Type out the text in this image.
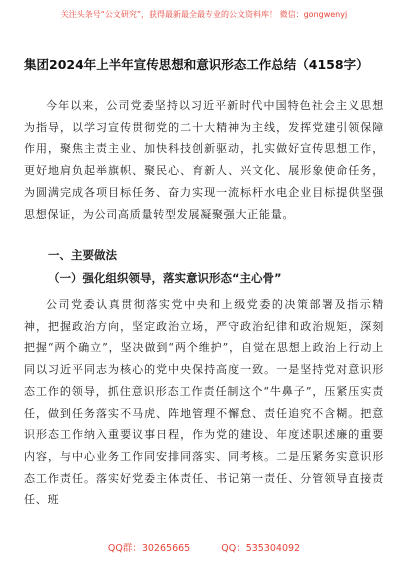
关注头条号“公文研究”，获得最新最全最专业的公文资料库！ 微信：gongwenyj
集团2024年上半年宣传思想和意识形态工作总结（4158字）

今年以来，公司党委坚持以习近平新时代中国特色社会主义思想为指导，以学习宣传贯彻党的二十大精神为主线，发挥党建引领保障作用，聚焦主责主业、加快科技创新驱动，扎实做好宣传思想工作，更好地肩负起举旗帜、聚民心、育新人、兴文化、展形象使命任务，为圆满完成各项目标任务、奋力实现一流标杆水电企业目标提供坚强思想保证，为公司高质量转型发展凝聚强大正能量。

一、主要做法
（一）强化组织领导，落实意识形态“主心骨”

公司党委认真贯彻落实党中央和上级党委的决策部署及指示精神，把握政治方向，坚定政治立场，严守政治纪律和政治规矩，深刻把握“两个确立”，坚决做到“两个维护”，自觉在思想上政治上行动上同以习近平同志为核心的党中央保持高度一致。一是坚持党对意识形态工作的领导，抓住意识形态工作责任制这个“牛鼻子”，压紧压实责任，做到任务落实不马虎、阵地管理不懈怠、责任追究不含糊。把意识形态工作纳入重要议事日程，作为党的建设、年度述职述廉的重要内容，与中心业务工作同安排同落实、同考核。二是压紧务实意识形态工作责任。落实好党委主体责任、书记第一责任、分管领导直接责任、班

QQ群：30265665	QQ：535304092
